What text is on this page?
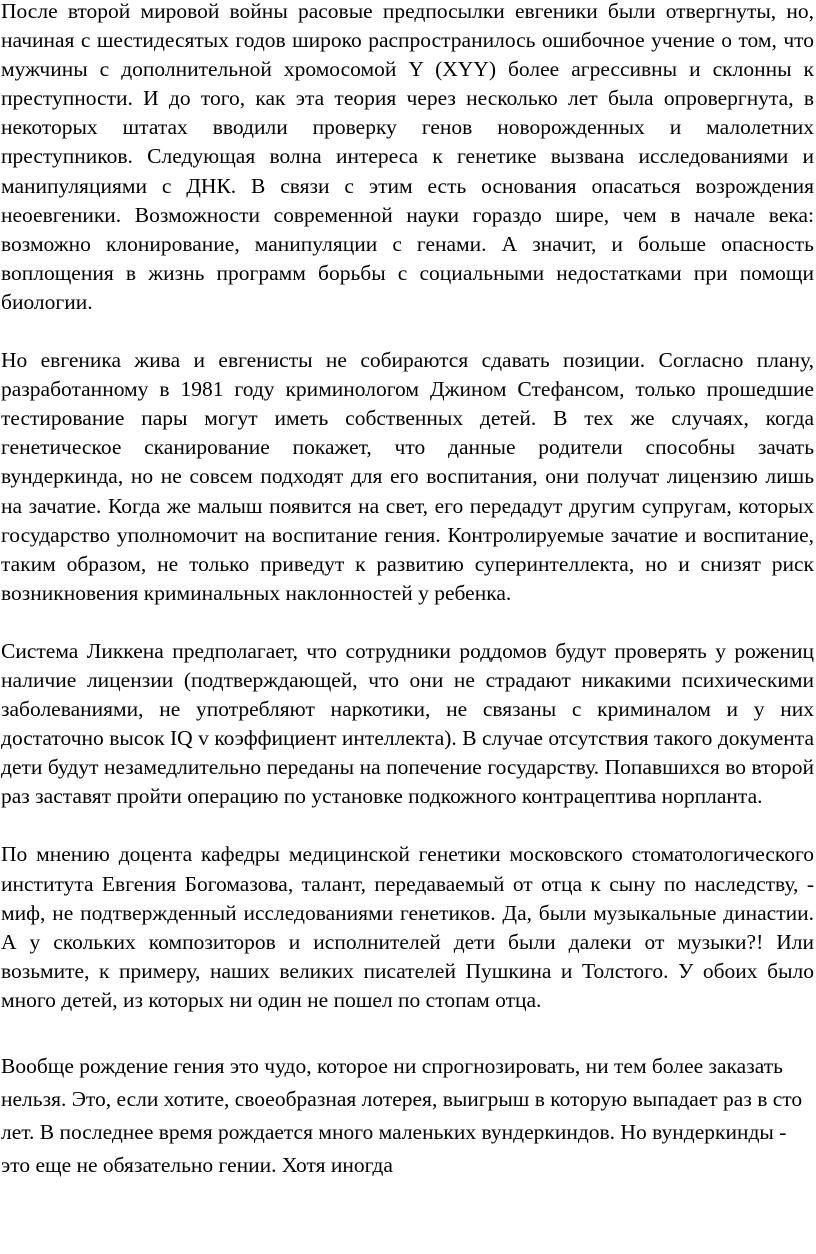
После второй мировой войны расовые предпосылки евгеники были отвергнуты, но, начиная с шестидесятых годов широко распространилось ошибочное учение о том, что мужчины с дополнительной хромосомой Y (XYY) более агрессивны и склонны к преступности. И до того, как эта теория через несколько лет была опровергнута, в некоторых штатах вводили проверку генов новорожденных и малолетних преступников. Следующая волна интереса к генетике вызвана исследованиями и манипуляциями с ДНК. В связи с этим есть основания опасаться возрождения неоевгеники. Возможности современной науки гораздо шире, чем в начале века: возможно клонирование, манипуляции с генами. А значит, и больше опасность воплощения в жизнь программ борьбы с социальными недостатками при помощи биологии.

Но евгеника жива и евгенисты не собираются сдавать позиции. Согласно плану, разработанному в 1981 году криминологом Джином Стефансом, только прошедшие тестирование пары могут иметь собственных детей. В тех же случаях, когда генетическое сканирование покажет, что данные родители способны зачать вундеркинда, но не совсем подходят для его воспитания, они получат лицензию лишь на зачатие. Когда же малыш появится на свет, его передадут другим супругам, которых государство уполномочит на воспитание гения. Контролируемые зачатие и воспитание, таким образом, не только приведут к развитию суперинтеллекта, но и снизят риск возникновения криминальных наклонностей у ребенка.

Система Ликкена предполагает, что сотрудники роддомов будут проверять у рожениц наличие лицензии (подтверждающей, что они не страдают никакими психическими заболеваниями, не употребляют наркотики, не связаны с криминалом и у них достаточно высок IQ v коэффициент интеллекта). В случае отсутствия такого документа дети будут незамедлительно переданы на попечение государству. Попавшихся во второй раз заставят пройти операцию по установке подкожного контрацептива норпланта.

По мнению доцента кафедры медицинской генетики московского стоматологического института Евгения Богомазова, талант, передаваемый от отца к сыну по наследству, - миф, не подтвержденный исследованиями генетиков. Да, были музыкальные династии. А у скольких композиторов и исполнителей дети были далеки от музыки?! Или возьмите, к примеру, наших великих писателей Пушкина и Толстого. У обоих было много детей, из которых ни один не пошел по стопам отца.

Вообще рождение гения это чудо, которое ни спрогнозировать, ни тем более заказать нельзя. Это, если хотите, своеобразная лотерея, выигрыш в которую выпадает раз в сто лет. В последнее время рождается много маленьких вундеркиндов. Но вундеркинды - это еще не обязательно гении. Хотя иногда
